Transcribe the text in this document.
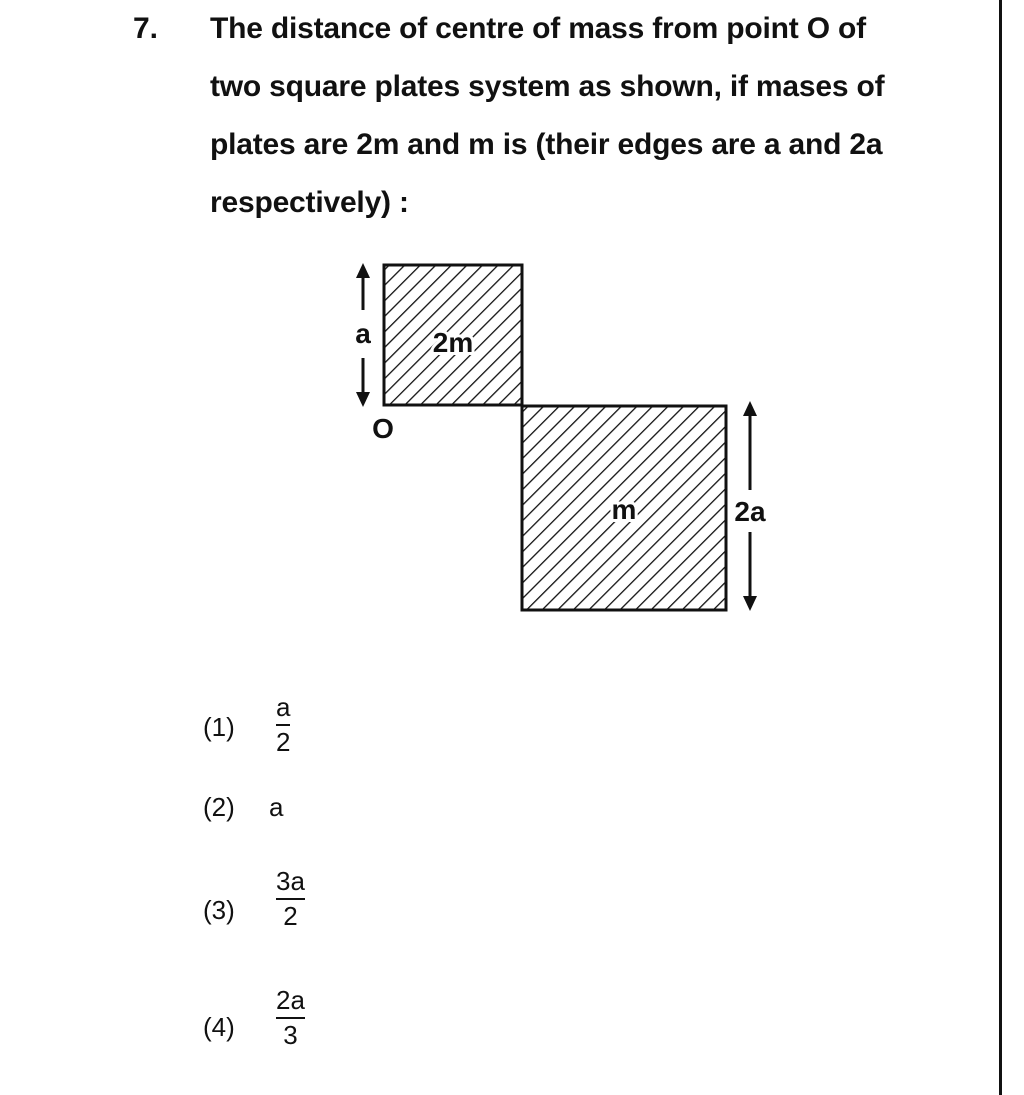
7. The distance of centre of mass from point O of
two square plates system as shown, if mases of
plates are 2m and m is (their edges are a and 2a
respectively) :
2m
m
a
O
2a
(1)
a
2
(2) a
(3)
3a
2
(4)
2a
3
